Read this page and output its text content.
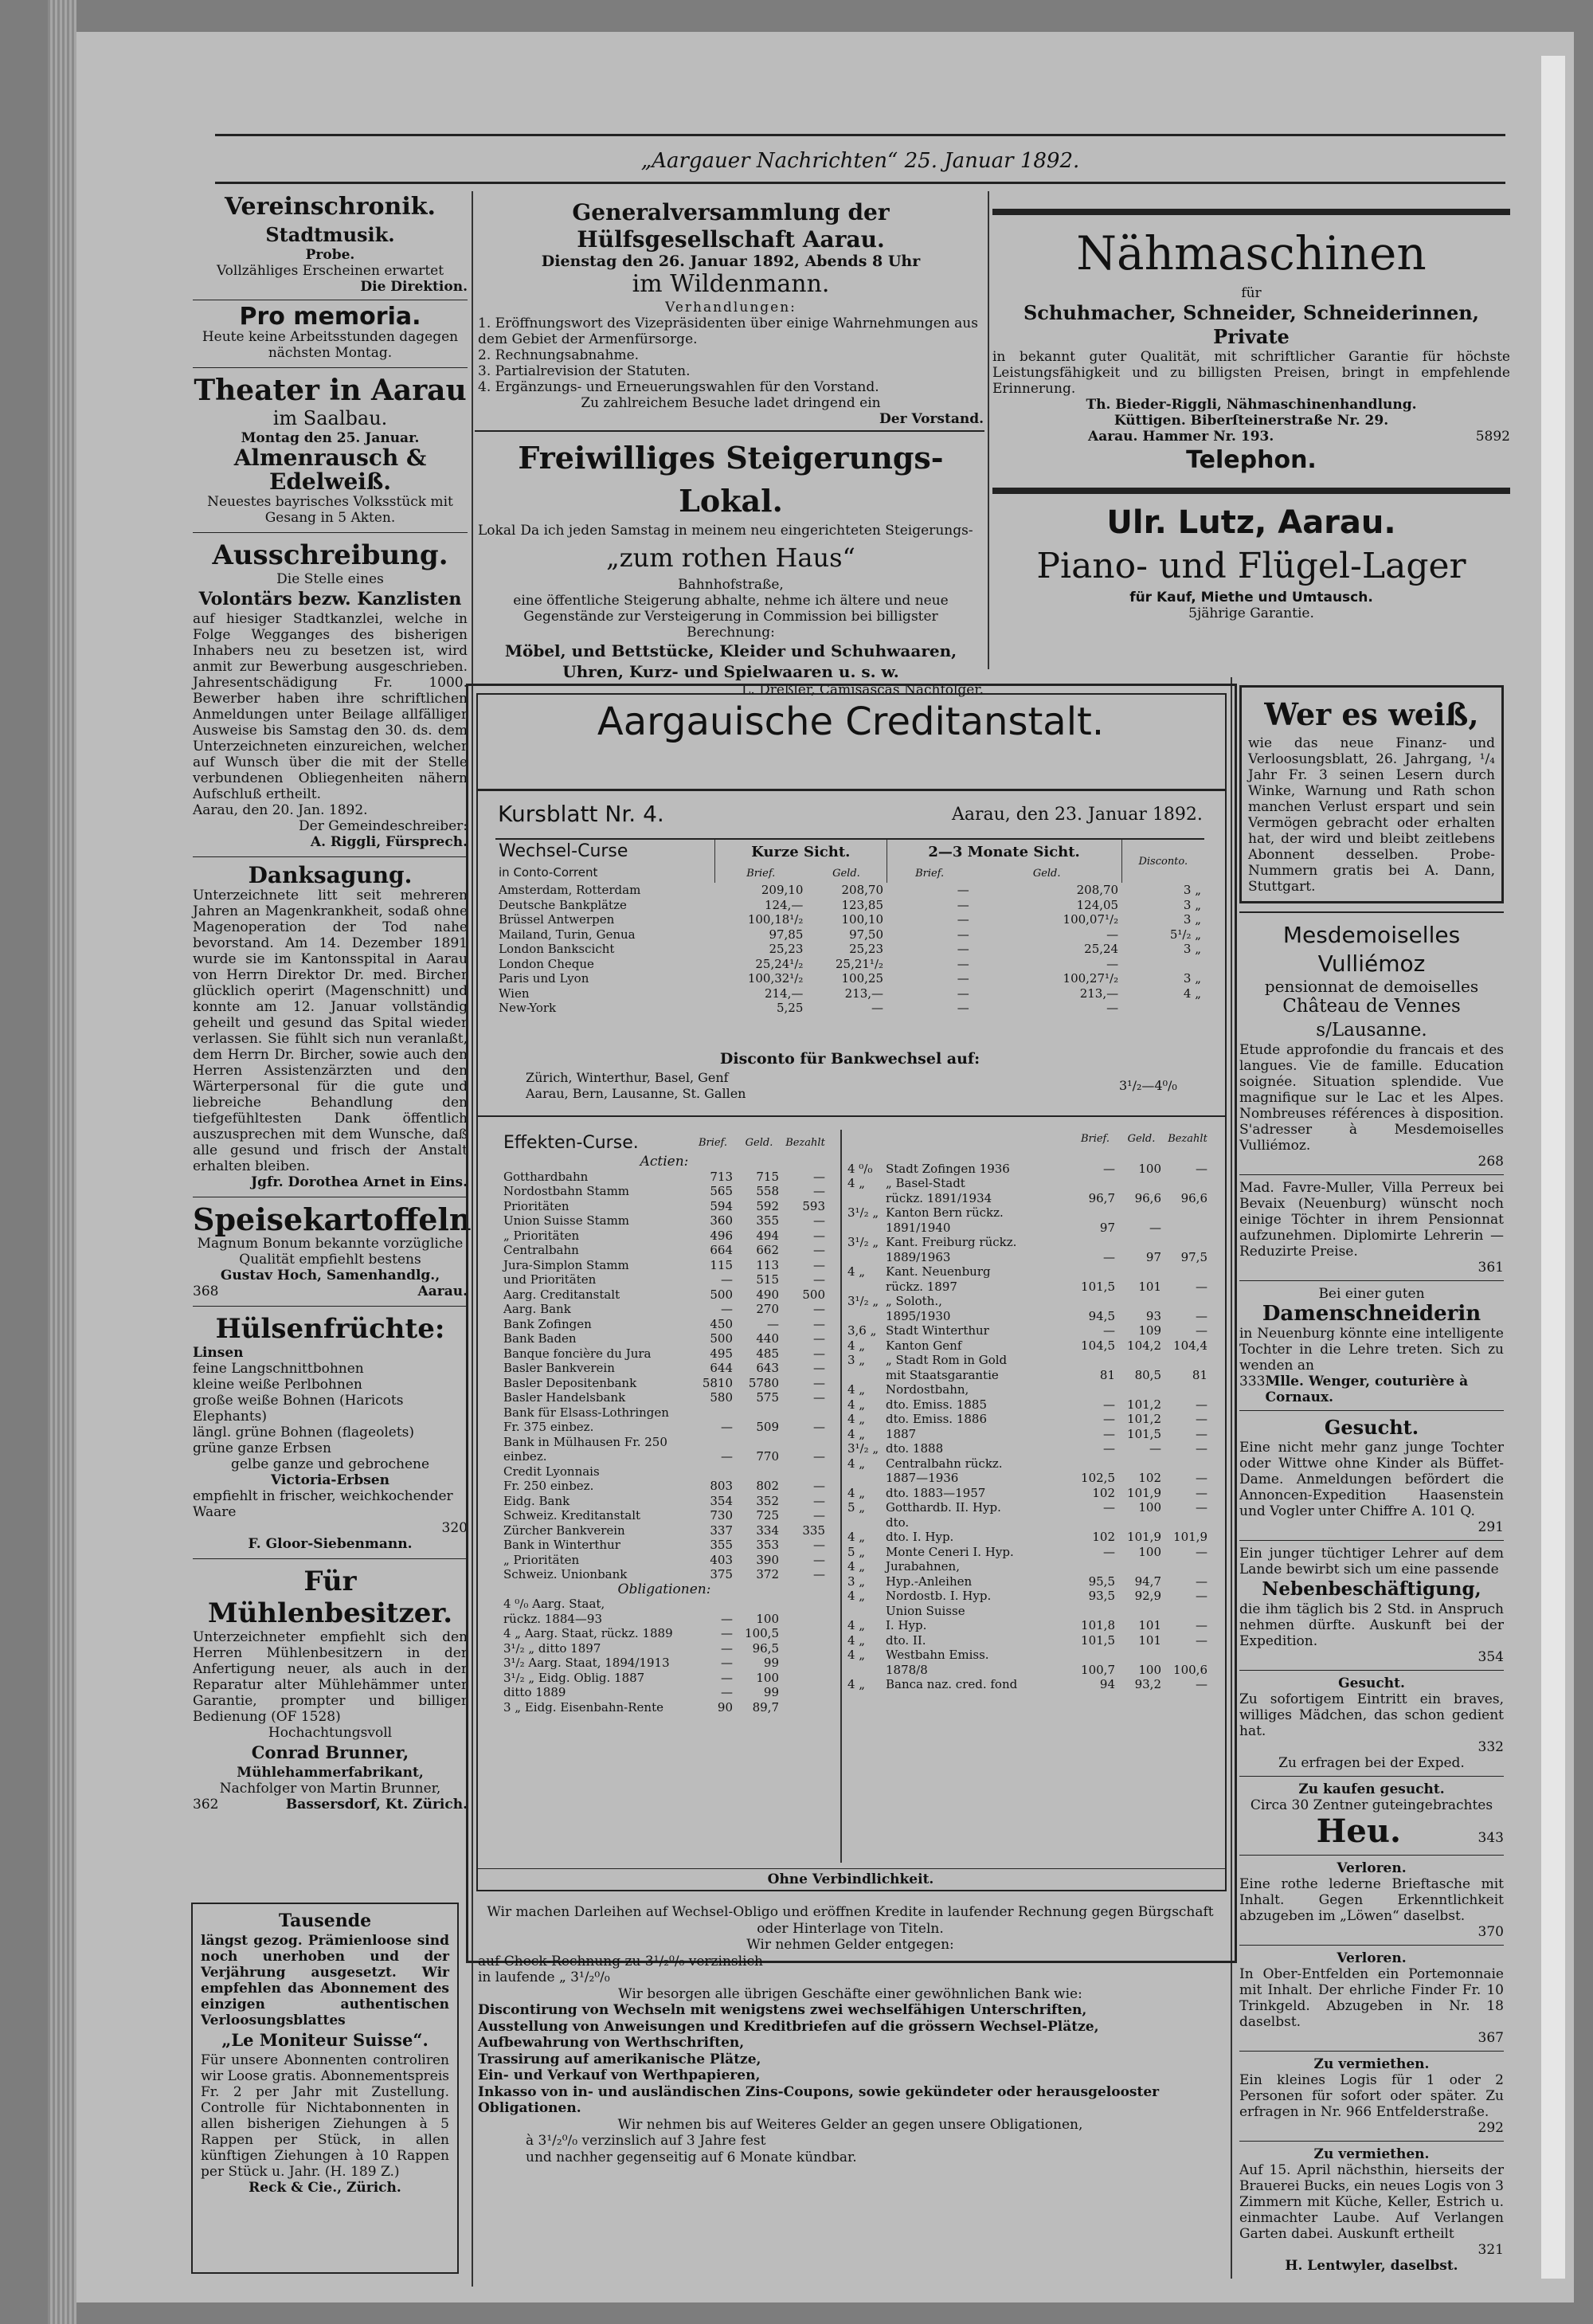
„Aargauer Nachrichten“ 25. Januar 1892.
Vereinschronik.
Stadtmusik.
Probe.
Vollzähliges Erscheinen erwartet
Die Direktion.
Pro memoria.
Heute keine Arbeitsstunden dagegen nächsten Montag.
Theater in Aarau
im Saalbau.
Montag den 25. Januar.
Almenrausch & Edelweiß.
Neuestes bayrisches Volksstück mit Gesang in 5 Akten.
Ausschreibung.
Die Stelle eines
Volontärs bezw. Kanzlisten
auf hiesiger Stadtkanzlei, welche in Folge Wegganges des bisherigen Inhabers neu zu besetzen ist, wird anmit zur Bewerbung ausgeschrieben. Jahresentschädigung Fr. 1000. Bewerber haben ihre schriftlichen Anmeldungen unter Beilage allfälliger Ausweise bis Samstag den 30. ds. dem Unterzeichneten einzureichen, welcher auf Wunsch über die mit der Stelle verbundenen Obliegenheiten nähern Aufschluß ertheilt.
Aarau, den 20. Jan. 1892.
Der Gemeindeschreiber:
A. Riggli, Fürsprech.
Danksagung.
Unterzeichnete litt seit mehreren Jahren an Magenkrankheit, sodaß ohne Magenoperation der Tod nahe bevorstand. Am 14. Dezember 1891 wurde sie im Kantonsspital in Aarau von Herrn Direktor Dr. med. Bircher glücklich operirt (Magenschnitt) und konnte am 12. Januar vollständig geheilt und gesund das Spital wieder verlassen. Sie fühlt sich nun veranlaßt, dem Herrn Dr. Bircher, sowie auch den Herren Assistenzärzten und den Wärterpersonal für die gute und liebreiche Behandlung den tiefgefühltesten Dank öffentlich auszusprechen mit dem Wunsche, daß alle gesund und frisch der Anstalt erhalten bleiben.
Jgfr. Dorothea Arnet in Eins.
Speisekartoffeln
Magnum Bonum bekannte vorzügliche Qualität empfiehlt bestens
Gustav Hoch, Samenhandlg.,
368	Aarau.
Hülsenfrüchte:
Linsen
feine Langschnittbohnen
kleine weiße Perlbohnen
große weiße Bohnen (Haricots Elephants)
längl. grüne Bohnen (flageolets)
grüne ganze Erbsen
gelbe ganze und gebrochene
Victoria-Erbsen
empfiehlt in frischer, weichkochender Waare
320
F. Gloor-Siebenmann.
Für Mühlenbesitzer.
Unterzeichneter empfiehlt sich den Herren Mühlenbesitzern in der Anfertigung neuer, als auch in der Reparatur alter Mühlehämmer unter Garantie, prompter und billiger Bedienung (OF 1528)
Hochachtungsvoll
Conrad Brunner,
Mühlehammerfabrikant,
Nachfolger von Martin Brunner,
362	Bassersdorf, Kt. Zürich.
Tausende
längst gezog. Prämienloose sind noch unerhoben und der Verjährung ausgesetzt. Wir empfehlen das Abonnement des einzigen authentischen Verloosungsblattes
„Le Moniteur Suisse“.
Für unsere Abonnenten controliren wir Loose gratis. Abonnementspreis Fr. 2 per Jahr mit Zustellung. Controlle für Nichtabonnenten in allen bisherigen Ziehungen à 5 Rappen per Stück, in allen künftigen Ziehungen à 10 Rappen per Stück u. Jahr. (H. 189 Z.)
Reck & Cie., Zürich.
Generalversammlung der Hülfsgesellschaft Aarau.
Dienstag den 26. Januar 1892, Abends 8 Uhr
im Wildenmann.
Verhandlungen:
1. Eröffnungswort des Vizepräsidenten über einige Wahrnehmungen aus dem Gebiet der Armenfürsorge.
2. Rechnungsabnahme.
3. Partialrevision der Statuten.
4. Ergänzungs- und Erneuerungswahlen für den Vorstand.
Zu zahlreichem Besuche ladet dringend ein
Der Vorstand.
Freiwilliges Steigerungs-Lokal.
Lokal Da ich jeden Samstag in meinem neu eingerichteten Steigerungs-
„zum rothen Haus“
Bahnhofstraße,
eine öffentliche Steigerung abhalte, nehme ich ältere und neue Gegenstände zur Versteigerung in Commission bei billigster Berechnung:
Möbel, und Bettstücke, Kleider und Schuhwaaren, Uhren, Kurz- und Spielwaaren u. s. w.
L. Dreßler, Camisascas Nachfolger.
Nähmaschinen
für
Schuhmacher, Schneider, Schneiderinnen, Private
in bekannt guter Qualität, mit schriftlicher Garantie für höchste Leistungsfähigkeit und zu billigsten Preisen, bringt in empfehlende Erinnerung.
Th. Bieder-Riggli, Nähmaschinenhandlung.
Küttigen. Biberſteinerstraße Nr. 29.
Aarau. Hammer Nr. 193.	5892
Telephon.
Ulr. Lutz, Aarau.
Piano- und Flügel-Lager
für Kauf, Miethe und Umtausch.
5jährige Garantie.
Aargauische Creditanstalt.
Kursblatt Nr. 4.	Aarau, den 23. Januar 1892.
Wechsel-Curse
in Conto-Corrent	Kurze Sicht.		2—3 Monate Sicht.		Disconto.
	Brief.	Geld.	Brief.	Geld.	
Amsterdam, Rotterdam	209,10	208,70	—	208,70	3 „
Deutsche Bankplätze	124,—	123,85	—	124,05	3 „
Brüssel Antwerpen	100,18¹/₂	100,10	—	100,07¹/₂	3 „
Mailand, Turin, Genua	97,85	97,50	—	—	5¹/₂ „
London Bankscicht	25,23	25,23	—	25,24	3 „
London Cheque	25,24¹/₂	25,21¹/₂	—	—	
Paris und Lyon	100,32¹/₂	100,25	—	100,27¹/₂	3 „
Wien	214,—	213,—	—	213,—	4 „
New-York	5,25	—	—	—	
Disconto für Bankwechsel auf:
Zürich, Winterthur, Basel, Genf
Aarau, Bern, Lausanne, St. Gallen
3¹/₂—4⁰/₀
Effekten-Curse.	Brief.	Geld.	Bezahlt
Actien:			
Gotthardbahn	713	715	—
Nordostbahn Stamm	565	558	—
Prioritäten	594	592	593
Union Suisse Stamm	360	355	—
„ Prioritäten	496	494	—
Centralbahn	664	662	—
Jura-Simplon Stamm	115	113	—
und Prioritäten	—	515	—

Aarg. Creditanstalt	500	490	500
Aarg. Bank	—	270	—
Bank Zofingen	450	—	—
Bank Baden	500	440	—
Banque foncière du Jura	495	485	—
Basler Bankverein	644	643	—
Basler Depositenbank	5810	5780	—
Basler Handelsbank	580	575	—
Bank für Elsass-Lothringen			
Fr. 375 einbez.	—	509	—
Bank in Mülhausen Fr. 250			
einbez.	—	770	—
Credit Lyonnais			
Fr. 250 einbez.	803	802	—
Eidg. Bank	354	352	—
Schweiz. Kreditanstalt	730	725	—
Zürcher Bankverein	337	334	335
Bank in Winterthur	355	353	—
„ Prioritäten	403	390	—
Schweiz. Unionbank	375	372	—
Obligationen:			
4 ⁰/₀ Aarg. Staat,			
rückz. 1884—93	—	100	
4 „ Aarg. Staat, rückz. 1889	—	100,5	
3¹/₂ „ ditto 1897	—	96,5	
3¹/₂ Aarg. Staat, 1894/1913	—	99	
3¹/₂ „ Eidg. Oblig. 1887	—	100	
ditto 1889	—	99	
3 „ Eidg. Eisenbahn-Rente	90	89,7	
		Brief.	Geld.	Bezahlt

4 ⁰/₀	Stadt Zofingen 1936	—	100	—
4 „	„ Basel-Stadt			
	rückz. 1891/1934	96,7	96,6	96,6
3¹/₂ „	Kanton Bern rückz.			
	1891/1940	97	—	
3¹/₂ „	Kant. Freiburg rückz.			
	1889/1963	—	97	97,5
4 „	Kant. Neuenburg			
	rückz. 1897	101,5	101	—
3¹/₂ „	„ Soloth.,			
	1895/1930	94,5	93	—
3,6 „	Stadt Winterthur	—	109	—
4 „	Kanton Genf	104,5	104,2	104,4
3 „	„ Stadt Rom in Gold			
	mit Staatsgarantie	81	80,5	81
4 „	Nordostbahn,			
4 „	dto. Emiss. 1885	—	101,2	—
4 „	dto. Emiss. 1886	—	101,2	—
4 „	1887	—	101,5	—
3¹/₂ „	dto. 1888	—	—	—
4 „	Centralbahn rückz.			
	1887—1936	102,5	102	—
4 „	dto. 1883—1957	102	101,9	—
5 „	Gotthardb. II. Hyp.	—	100	—
	dto.			
4 „	dto. I. Hyp.	102	101,9	101,9
5 „	Monte Ceneri I. Hyp.	—	100	—
4 „	Jurabahnen,			
3 „	Hyp.-Anleihen	95,5	94,7	—
4 „	Nordostb. I. Hyp.	93,5	92,9	—
	Union Suisse			
4 „	I. Hyp.	101,8	101	—
4 „	dto. II.	101,5	101	—
4 „	Westbahn Emiss.			
	1878/8	100,7	100	100,6
4 „	Banca naz. cred. fond	94	93,2	—
Ohne Verbindlichkeit.
Wir machen Darleihen auf Wechsel-Obligo und eröffnen Kredite in laufender Rechnung gegen Bürgschaft oder Hinterlage von Titeln.
Wir nehmen Gelder entgegen:
auf Check-Rechnung zu 3¹/₂⁰/₀ verzinslich
in laufende „ 3¹/₂⁰/₀
Wir besorgen alle übrigen Geschäfte einer gewöhnlichen Bank wie:
Discontirung von Wechseln mit wenigstens zwei wechselfähigen Unterschriften,
Ausstellung von Anweisungen und Kreditbriefen auf die grössern Wechsel-Plätze,
Aufbewahrung von Werthschriften,
Trassirung auf amerikanische Plätze,
Ein- und Verkauf von Werthpapieren,
Inkasso von in- und ausländischen Zins-Coupons, sowie gekündeter oder herausgelooster Obligationen.
Wir nehmen bis auf Weiteres Gelder an gegen unsere Obligationen,
à 3¹/₂⁰/₀ verzinslich auf 3 Jahre fest
und nachher gegenseitig auf 6 Monate kündbar.
Wer es weiß,
wie das neue Finanz- und Verloosungsblatt, 26. Jahrgang, ¹/₄ Jahr Fr. 3 seinen Lesern durch Winke, Warnung und Rath schon manchen Verlust erspart und sein Vermögen gebracht oder erhalten hat, der wird und bleibt zeitlebens Abonnent desselben. Probe-Nummern gratis bei A. Dann, Stuttgart.
Mesdemoiselles Vulliémoz
pensionnat de demoiselles
Château de Vennes s/Lausanne.
Etude approfondie du francais et des langues. Vie de famille. Education soignée. Situation splendide. Vue magnifique sur le Lac et les Alpes. Nombreuses références à disposition. S'adresser à Mesdemoiselles Vulliémoz.
268
Mad. Favre-Muller, Villa Perreux bei Bevaix (Neuenburg) wünscht noch einige Töchter in ihrem Pensionnat aufzunehmen. Diplomirte Lehrerin — Reduzirte Preise.
361
Bei einer guten
Damenschneiderin
in Neuenburg könnte eine intelligente Tochter in die Lehre treten. Sich zu wenden an
333 Mlle. Wenger, couturière à Cornaux.
Gesucht.
Eine nicht mehr ganz junge Tochter oder Wittwe ohne Kinder als Büffet-Dame. Anmeldungen befördert die Annoncen-Expedition Haasenstein und Vogler unter Chiffre A. 101 Q.
291
Ein junger tüchtiger Lehrer auf dem Lande bewirbt sich um eine passende
Nebenbeschäftigung,
die ihm täglich bis 2 Std. in Anspruch nehmen dürfte. Auskunft bei der Expedition.
354
Gesucht.
Zu sofortigem Eintritt ein braves, williges Mädchen, das schon gedient hat.
332
Zu erfragen bei der Exped.
Zu kaufen gesucht.
Circa 30 Zentner guteingebrachtes
Heu.	343
Verloren.
Eine rothe lederne Brieftasche mit Inhalt. Gegen Erkenntlichkeit abzugeben im „Löwen“ daselbst.
370
Verloren.
In Ober-Entfelden ein Portemonnaie mit Inhalt. Der ehrliche Finder Fr. 10 Trinkgeld. Abzugeben in Nr. 18 daselbst.
367
Zu vermiethen.
Ein kleines Logis für 1 oder 2 Personen für sofort oder später. Zu erfragen in Nr. 966 Entfelderstraße.
292
Zu vermiethen.
Auf 15. April nächsthin, hierseits der Brauerei Bucks, ein neues Logis von 3 Zimmern mit Küche, Keller, Estrich u. einmachter Laube. Auf Verlangen Garten dabei. Auskunft ertheilt
321
H. Lentwyler, daselbst.
